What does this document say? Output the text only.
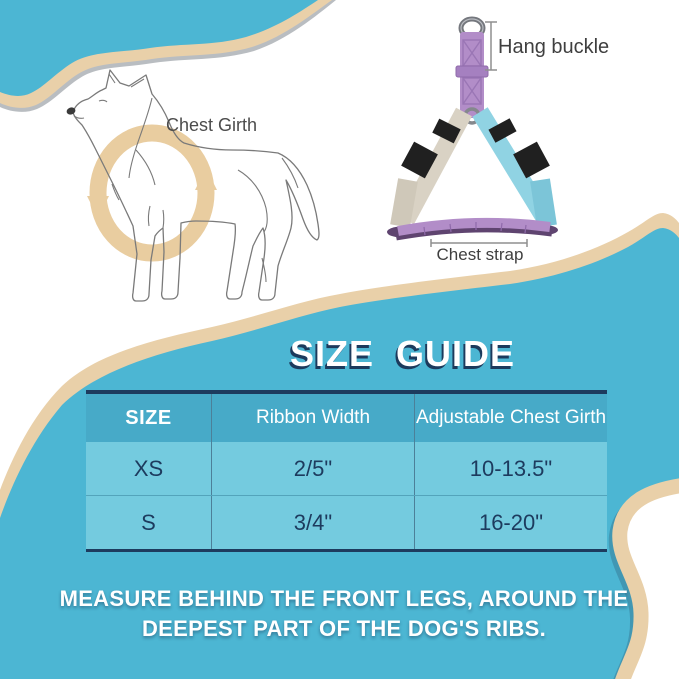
Chest Girth
Hang buckle
Chest strap
SIZE  GUIDE
SIZE	Ribbon Width	Adjustable Chest Girth
XS	2/5"	10-13.5"
S	3/4"	16-20"
MEASURE BEHIND THE FRONT LEGS, AROUND THE
DEEPEST PART OF THE DOG'S RIBS.
